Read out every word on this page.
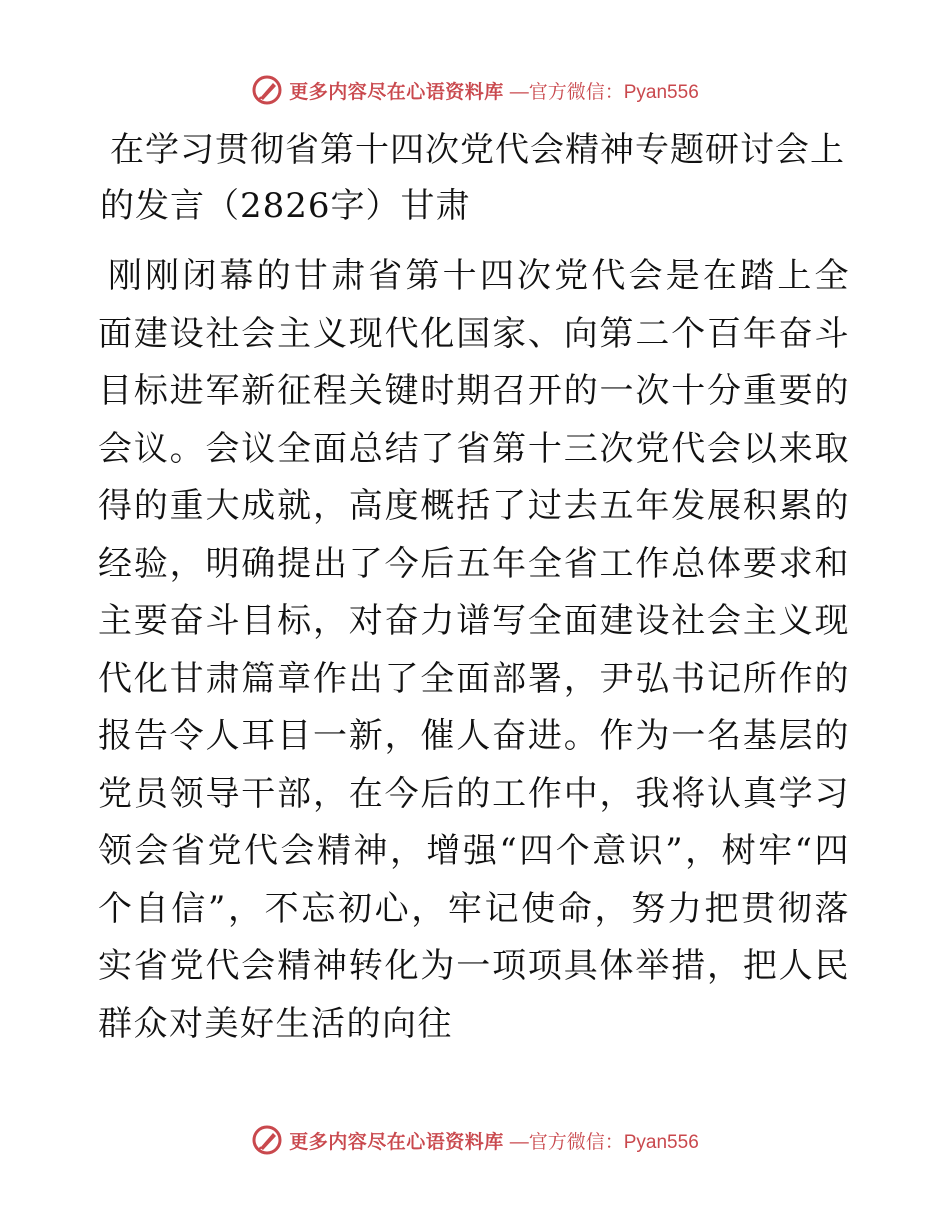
更多内容尽在心语资料库 —官方微信：Pyan556
在学习贯彻省第十四次党代会精神专题研讨会上的发言（2826字）甘肃

刚刚闭幕的甘肃省第十四次党代会是在踏上全面建设社会主义现代化国家、向第二个百年奋斗目标进军新征程关键时期召开的一次十分重要的会议。会议全面总结了省第十三次党代会以来取得的重大成就，高度概括了过去五年发展积累的经验，明确提出了今后五年全省工作总体要求和主要奋斗目标，对奋力谱写全面建设社会主义现代化甘肃篇章作出了全面部署，尹弘书记所作的报告令人耳目一新，催人奋进。作为一名基层的党员领导干部，在今后的工作中，我将认真学习领会省党代会精神，增强“四个意识”，树牢“四个自信”，不忘初心，牢记使命，努力把贯彻落实省党代会精神转化为一项项具体举措，把人民群众对美好生活的向往

更多内容尽在心语资料库 —官方微信：Pyan556
